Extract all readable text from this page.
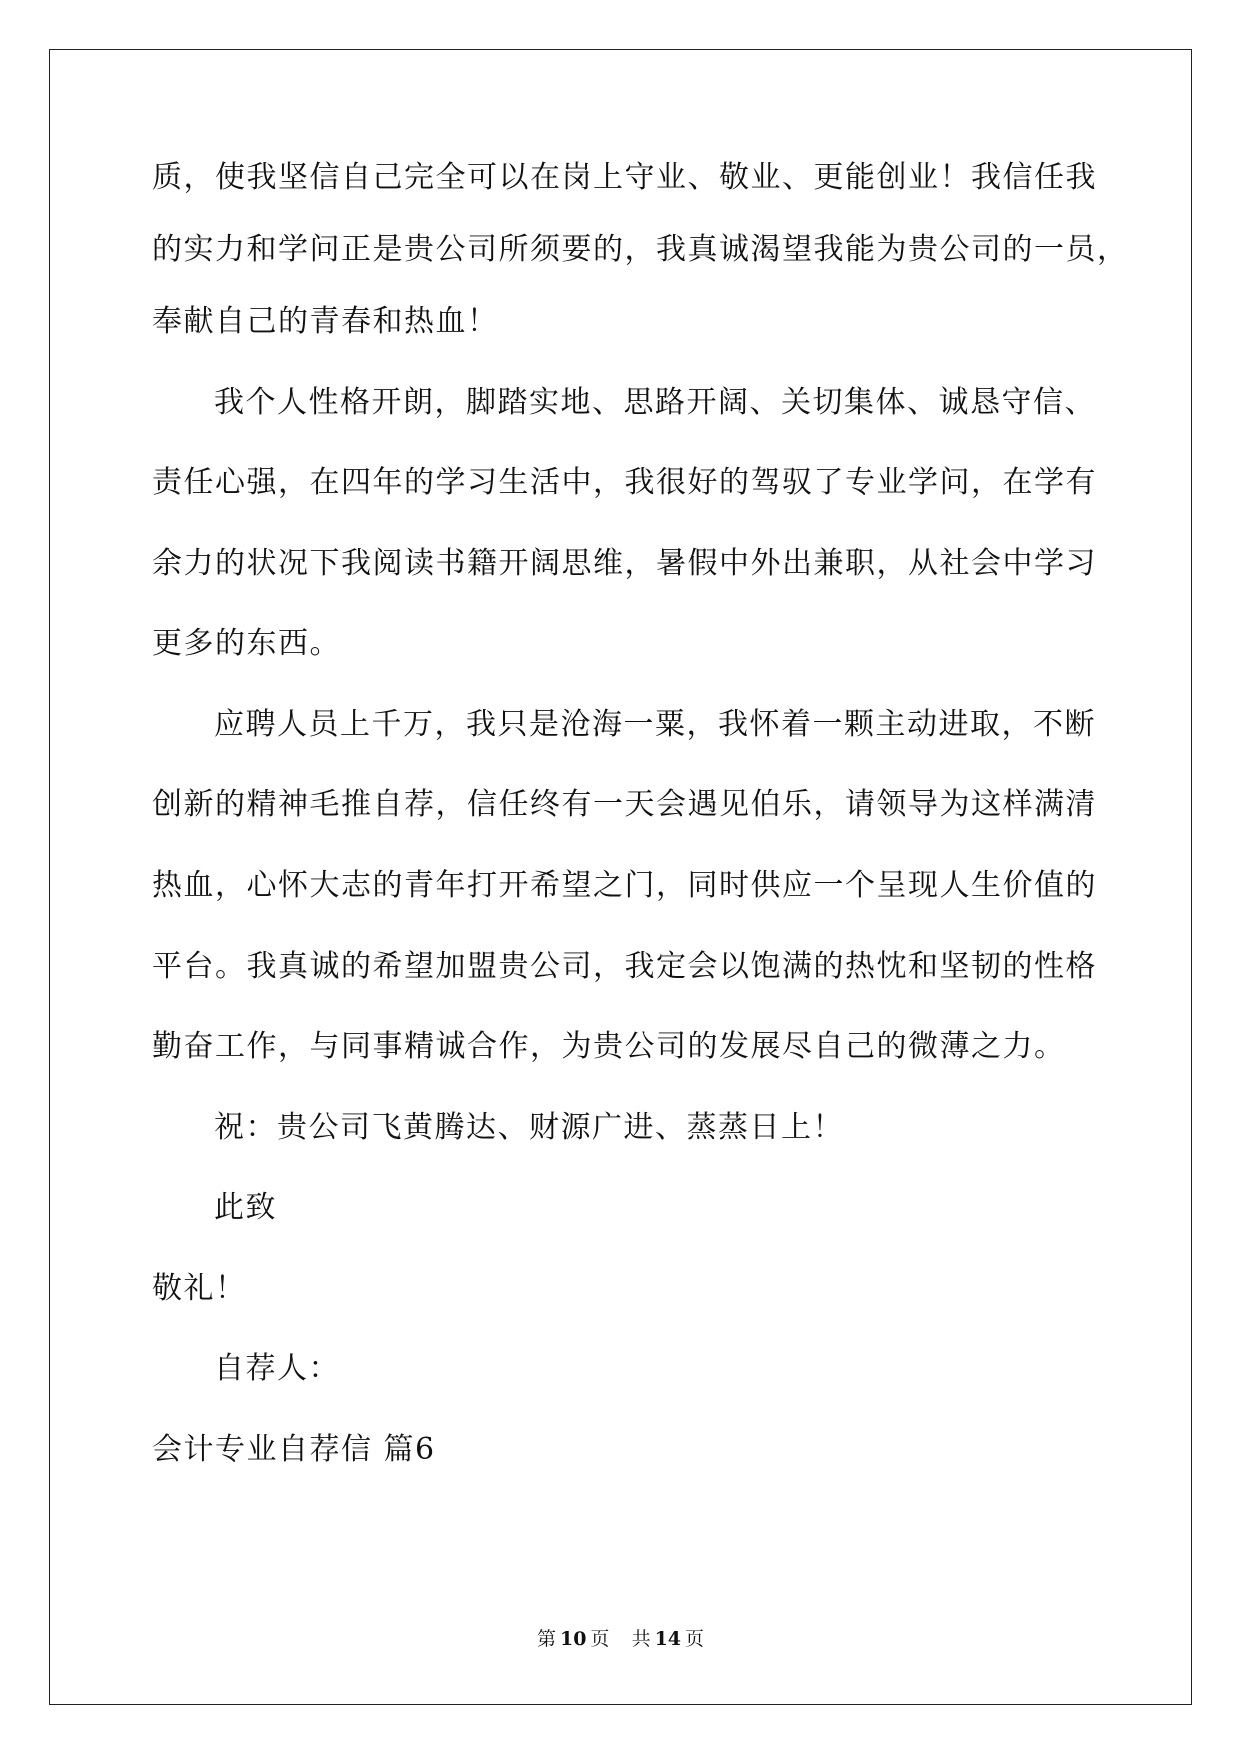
质，使我坚信自己完全可以在岗上守业、敬业、更能创业！我信任我
的实力和学问正是贵公司所须要的，我真诚渴望我能为贵公司的一员，
奉献自己的青春和热血！
我个人性格开朗，脚踏实地、思路开阔、关切集体、诚恳守信、
责任心强，在四年的学习生活中，我很好的驾驭了专业学问，在学有
余力的状况下我阅读书籍开阔思维，暑假中外出兼职，从社会中学习
更多的东西。
应聘人员上千万，我只是沧海一粟，我怀着一颗主动进取，不断
创新的精神毛推自荐，信任终有一天会遇见伯乐，请领导为这样满清
热血，心怀大志的青年打开希望之门，同时供应一个呈现人生价值的
平台。我真诚的希望加盟贵公司，我定会以饱满的热忱和坚韧的性格
勤奋工作，与同事精诚合作，为贵公司的发展尽自己的微薄之力。
祝：贵公司飞黄腾达、财源广进、蒸蒸日上！
此致
敬礼！
自荐人：
会计专业自荐信 篇6
第 10 页 共 14 页
